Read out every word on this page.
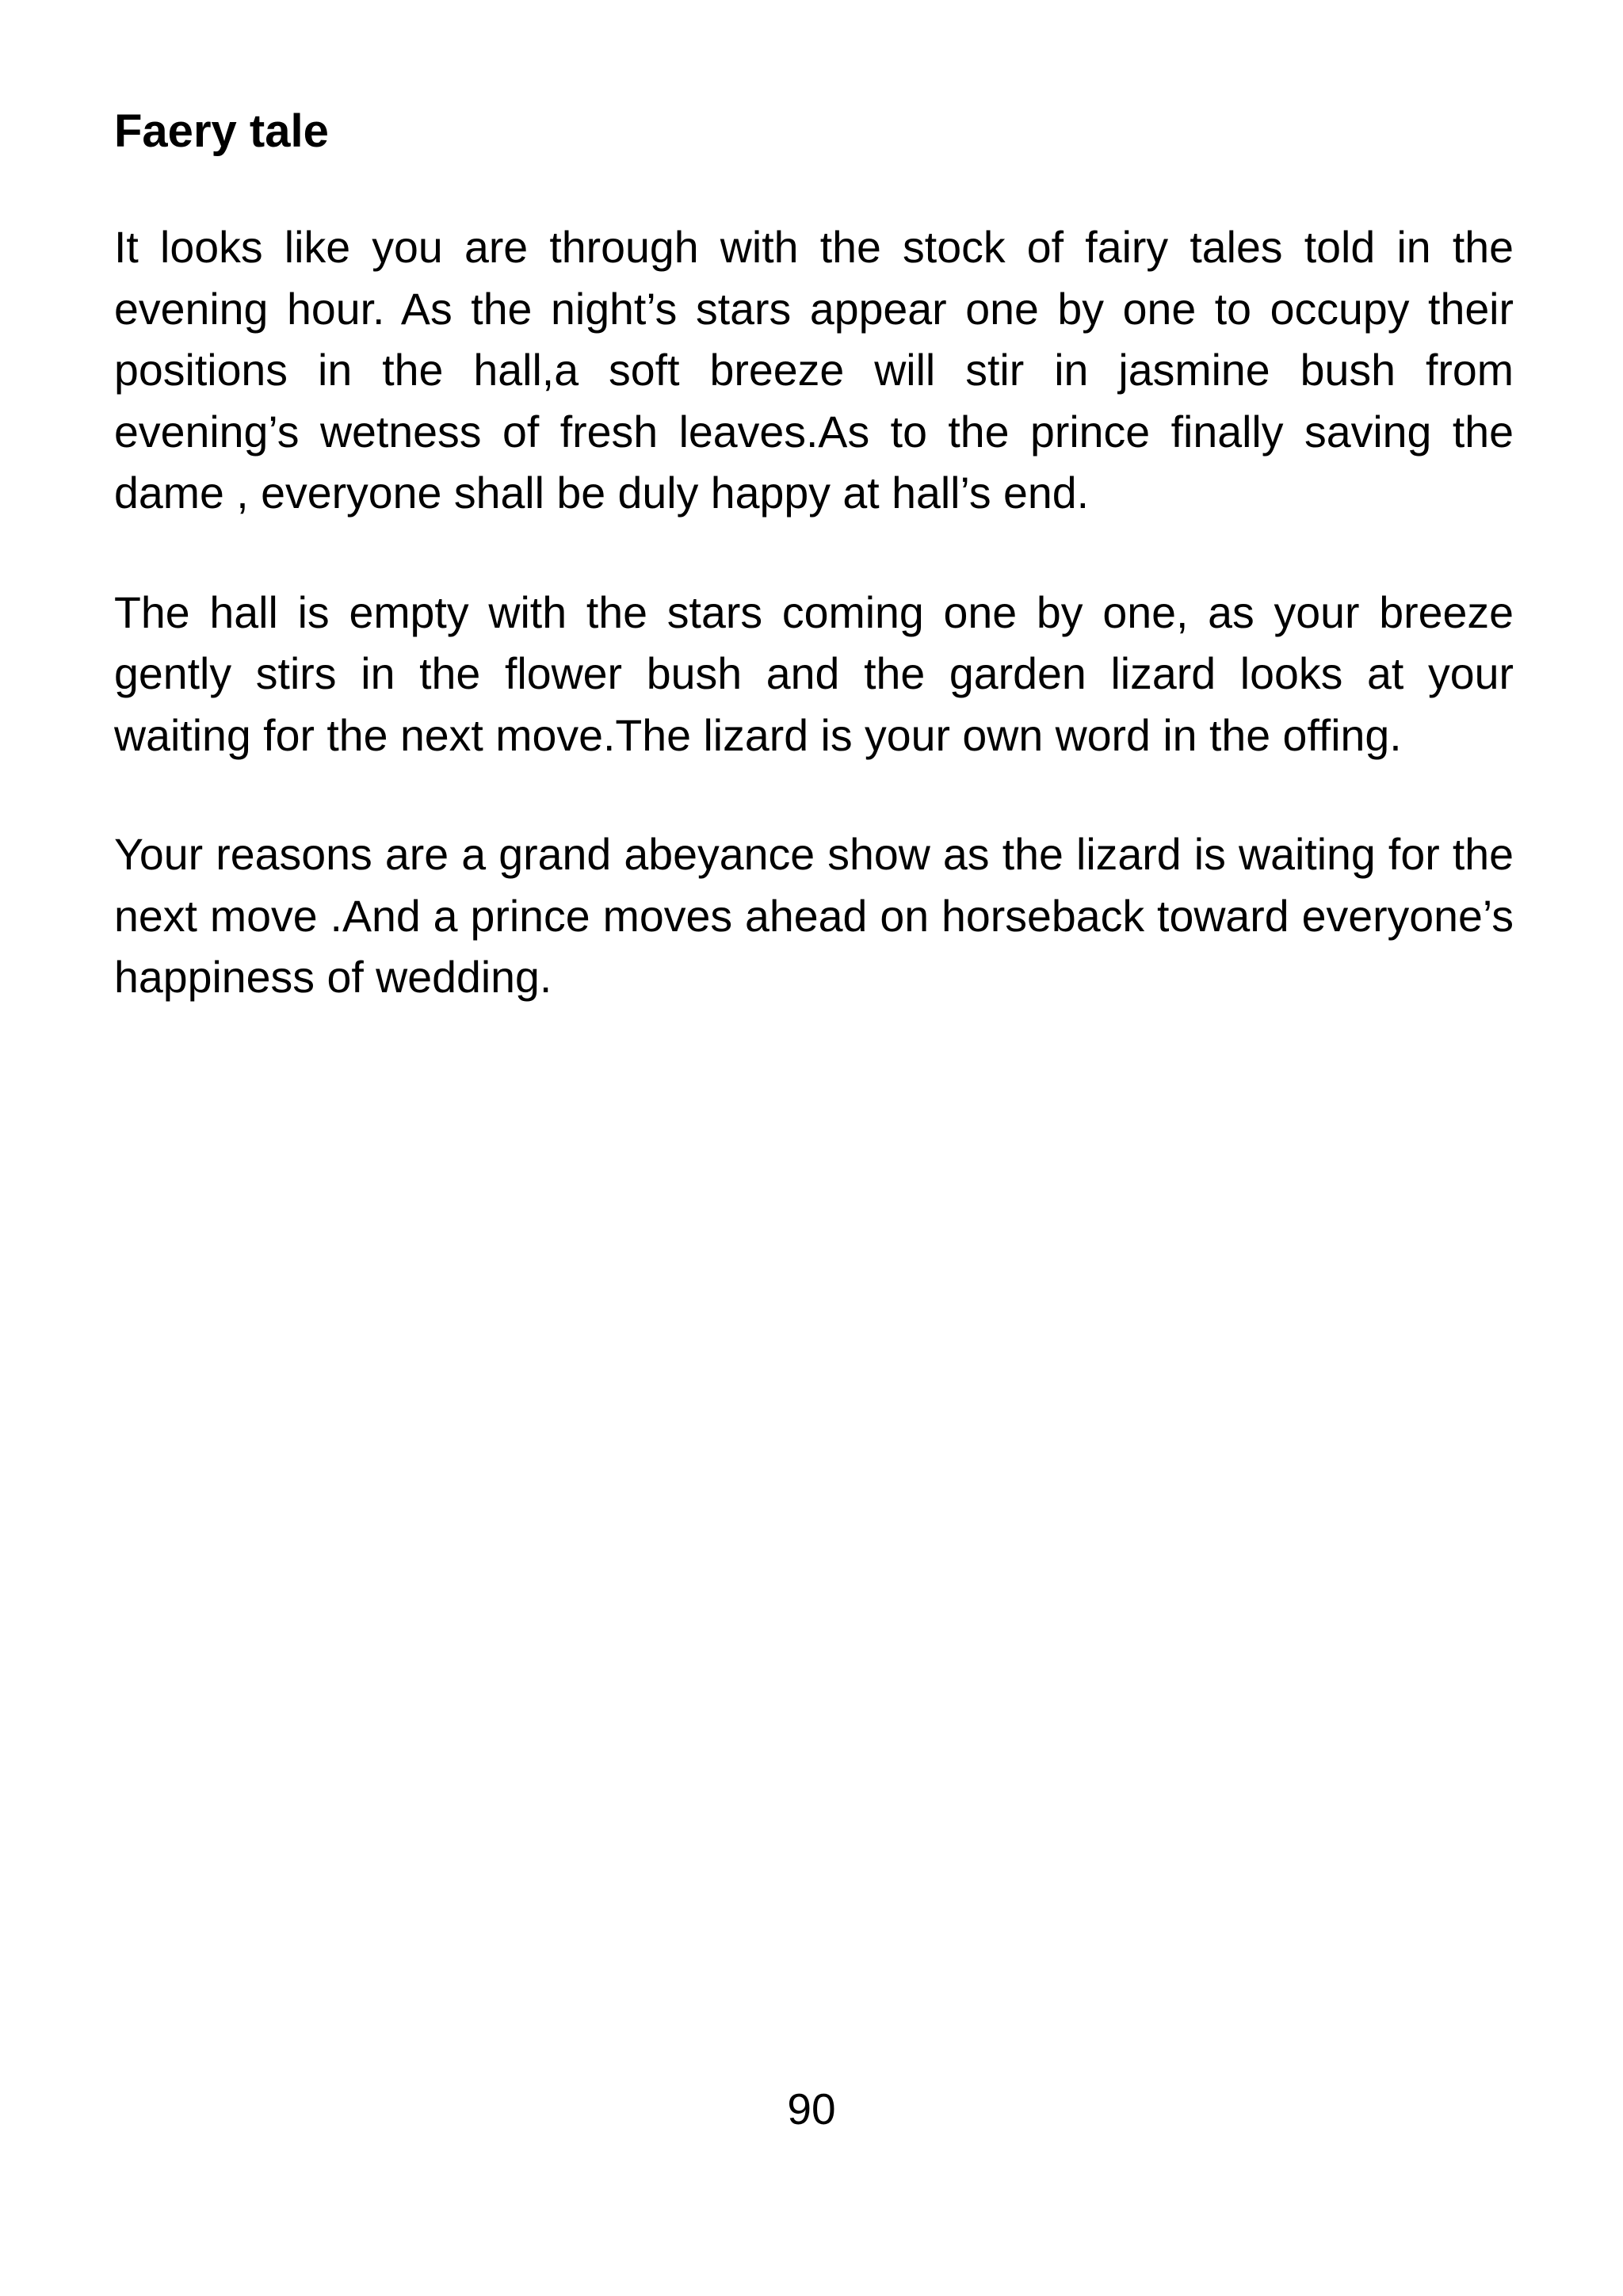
Faery tale

It looks like you are through with the stock of fairy tales told in the evening hour. As the night’s stars appear one by one to occupy their positions in the hall,a soft breeze will stir in jasmine bush from evening’s wetness of fresh leaves.As to the prince finally saving the dame , everyone shall be duly happy at hall’s end.

The hall is empty with the stars coming one by one, as your breeze gently stirs in the flower bush and the garden lizard looks at your waiting for the next move.The lizard is your own word in the offing.

Your reasons are a grand abeyance show as the lizard is waiting for the next move .And a prince moves ahead on horseback toward everyone’s happiness of wedding.

90
